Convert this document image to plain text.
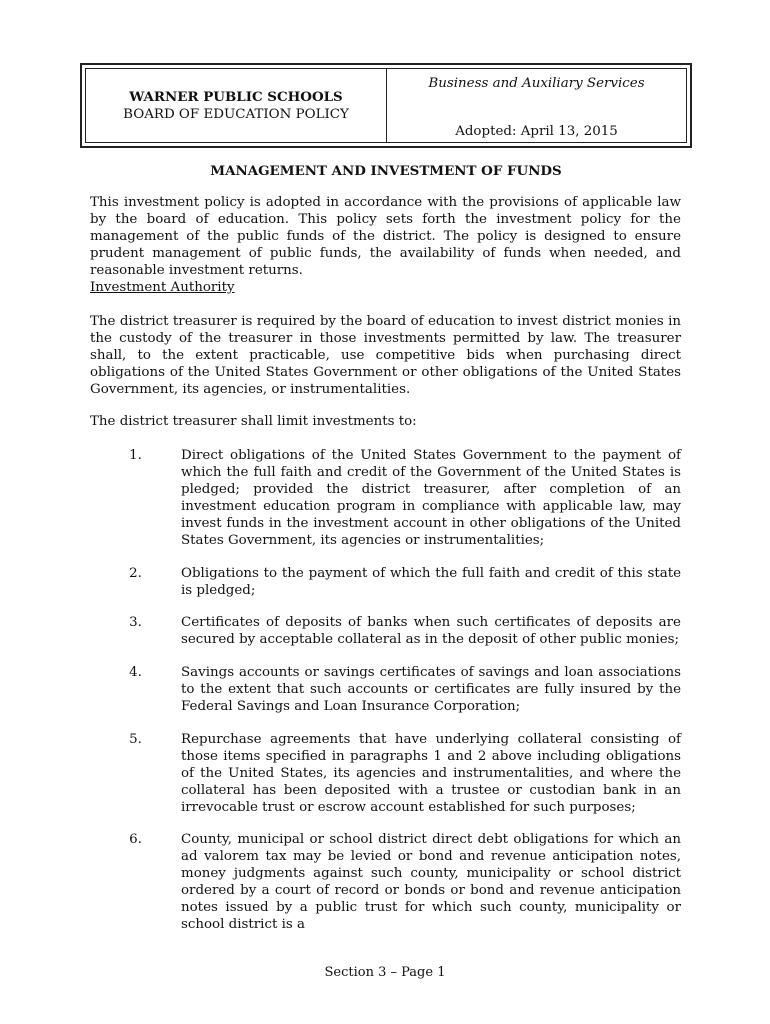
WARNER PUBLIC SCHOOLS
BOARD OF EDUCATION POLICY
Business and Auxiliary Services
Adopted: April 13, 2015
MANAGEMENT AND INVESTMENT OF FUNDS
This investment policy is adopted in accordance with the provisions of applicable law by the board of education. This policy sets forth the investment policy for the management of the public funds of the district. The policy is designed to ensure prudent management of public funds, the availability of funds when needed, and reasonable investment returns.
Investment Authority
The district treasurer is required by the board of education to invest district monies in the custody of the treasurer in those investments permitted by law. The treasurer shall, to the extent practicable, use competitive bids when purchasing direct obligations of the United States Government or other obligations of the United States Government, its agencies, or instrumentalities.
The district treasurer shall limit investments to:
1.	Direct obligations of the United States Government to the payment of which the full faith and credit of the Government of the United States is pledged; provided the district treasurer, after completion of an investment education program in compliance with applicable law, may invest funds in the investment account in other obligations of the United States Government, its agencies or instrumentalities;
2.	Obligations to the payment of which the full faith and credit of this state is pledged;
3.	Certificates of deposits of banks when such certificates of deposits are secured by acceptable collateral as in the deposit of other public monies;
4.	Savings accounts or savings certificates of savings and loan associations to the extent that such accounts or certificates are fully insured by the Federal Savings and Loan Insurance Corporation;
5.	Repurchase agreements that have underlying collateral consisting of those items specified in paragraphs 1 and 2 above including obligations of the United States, its agencies and instrumentalities, and where the collateral has been deposited with a trustee or custodian bank in an irrevocable trust or escrow account established for such purposes;
6.	County, municipal or school district direct debt obligations for which an ad valorem tax may be levied or bond and revenue anticipation notes, money judgments against such county, municipality or school district ordered by a court of record or bonds or bond and revenue anticipation notes issued by a public trust for which such county, municipality or school district is a
Section 3 – Page 1
